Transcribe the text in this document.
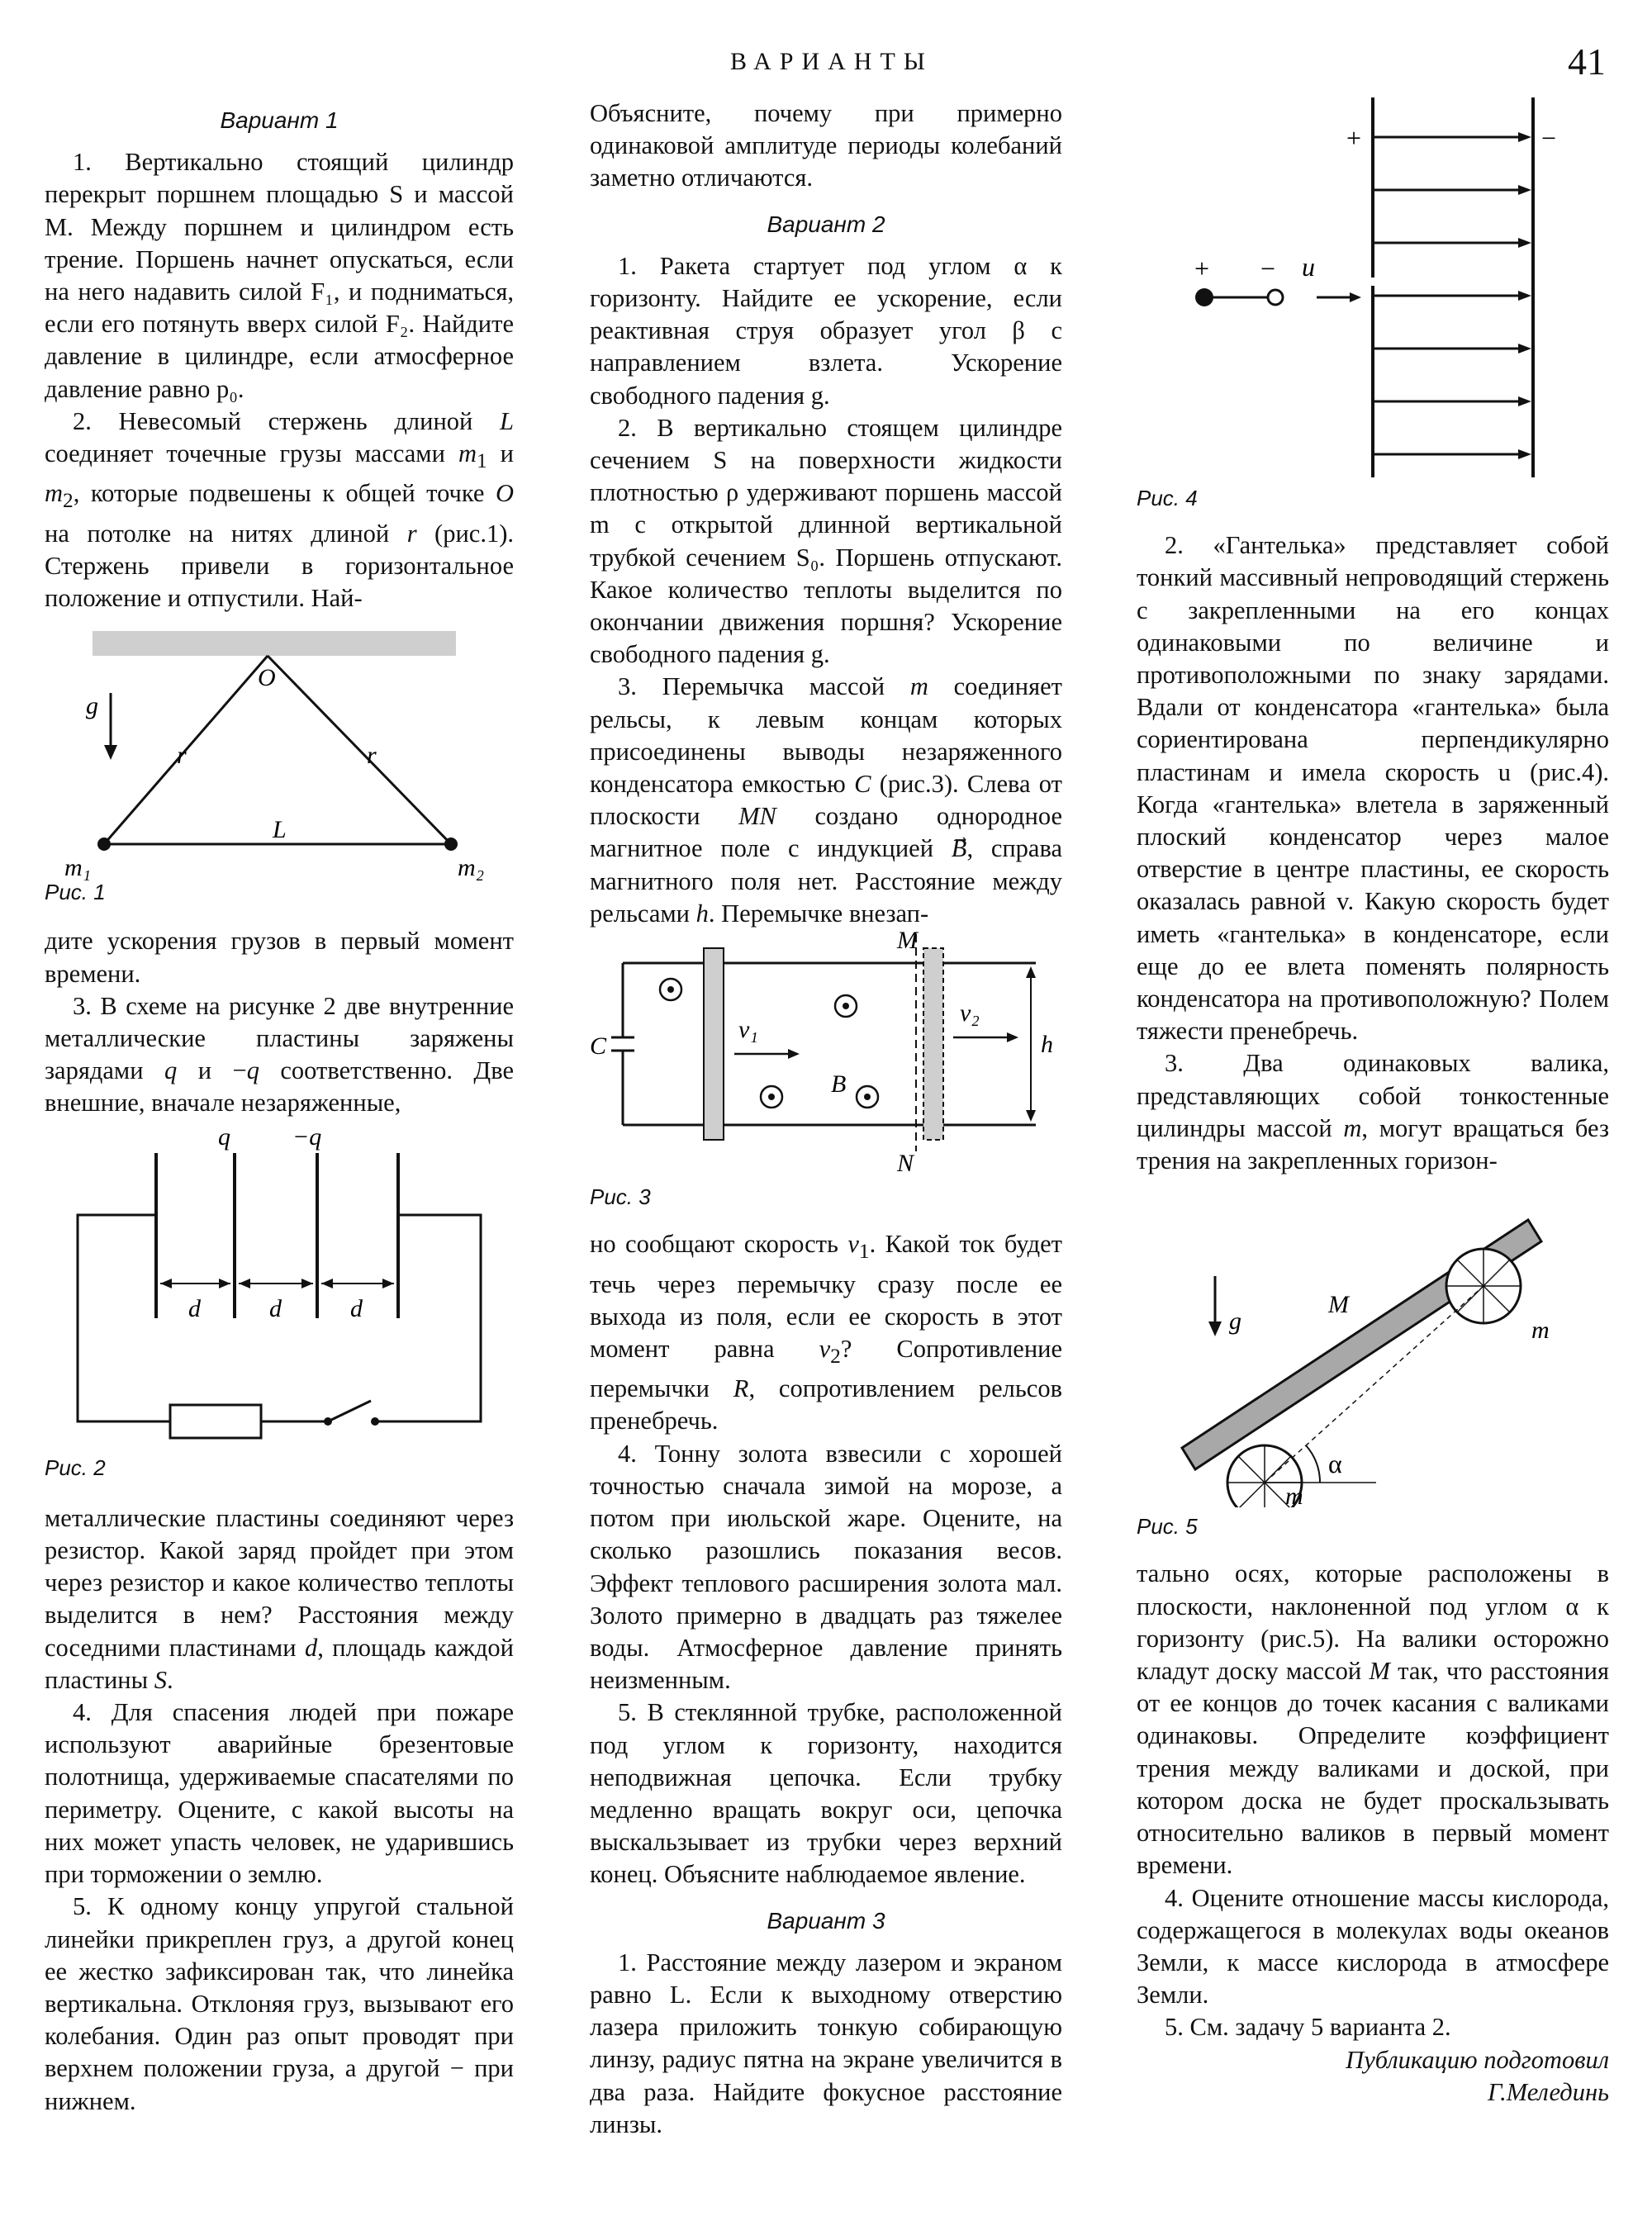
ВАРИАНТЫ	41
Вариант 1

1. Вертикально стоящий цилиндр перекрыт поршнем площадью S и массой M. Между поршнем и цилиндром есть трение. Поршень начнет опускаться, если на него надавить силой F₁, и подниматься, если его потянуть вверх силой F₂. Найдите давление в цилиндре, если атмосферное давление равно p₀.

2. Невесомый стержень длиной L соединяет точечные грузы массами $m_1$ и $m_2$, которые подвешены к общей точке O на потолке на нитях длиной r (рис.1). Стержень привели в горизонтальное положение и отпустили. Най-

g
O
r	r
L
m₁	m₂

Рис. 1

дите ускорения грузов в первый момент времени.

3. В схеме на рисунке 2 две внутренние металлические пластины заряжены зарядами q и −q соответственно. Две внешние, вначале незаряженные,

q	−q
d	d	d

Рис. 2

металлические пластины соединяют через резистор. Какой заряд пройдет при этом через резистор и какое количество теплоты выделится в нем? Расстояния между соседними пластинами d, площадь каждой пластины S.

4. Для спасения людей при пожаре используют аварийные брезентовые полотнища, удерживаемые спасателями по периметру. Оцените, с какой высоты на них может упасть человек, не ударившись при торможении о землю.

5. К одному концу упругой стальной линейки прикреплен груз, а другой конец ее жестко зафиксирован так, что линейка вертикальна. Отклоняя груз, вызывают его колебания. Один раз опыт проводят при верхнем положении груза, а другой − при нижнем.

Объясните, почему при примерно одинаковой амплитуде периоды колебаний заметно отличаются.

Вариант 2

1. Ракета стартует под углом α к горизонту. Найдите ее ускорение, если реактивная струя образует угол β с направлением взлета. Ускорение свободного падения g.

2. В вертикально стоящем цилиндре сечением S на поверхности жидкости плотностью ρ удерживают поршень массой m с открытой длинной вертикальной трубкой сечением S₀. Поршень отпускают. Какое количество теплоты выделится по окончании движения поршня? Ускорение свободного падения g.

3. Перемычка массой m соединяет рельсы, к левым концам которых присоединены выводы незаряженного конденсатора емкостью C (рис.3). Слева от плоскости MN создано однородное магнитное поле с индукцией B⃗, справа магнитного поля нет. Расстояние между рельсами h. Перемычке внезап-

C
M
N
B
v₁
v₂
h

Рис. 3

но сообщают скорость $v_1$. Какой ток будет течь через перемычку сразу после ее выхода из поля, если ее скорость в этот момент равна $v_2$? Сопротивление перемычки R, сопротивлением рельсов пренебречь.

4. Тонну золота взвесили с хорошей точностью сначала зимой на морозе, а потом при июльской жаре. Оцените, на сколько разошлись показания весов. Эффект теплового расширения золота мал. Золото примерно в двадцать раз тяжелее воды. Атмосферное давление принять неизменным.

5. В стеклянной трубке, расположенной под углом к горизонту, находится неподвижная цепочка. Если трубку медленно вращать вокруг оси, цепочка выскальзывает из трубки через верхний конец. Объясните наблюдаемое явление.

Вариант 3

1. Расстояние между лазером и экраном равно L. Если к выходному отверстию лазера приложить тонкую собирающую линзу, радиус пятна на экране увеличится в два раза. Найдите фокусное расстояние линзы.

+	−
+ − u

Рис. 4

2. «Гантелька» представляет собой тонкий массивный непроводящий стержень с закрепленными на его концах одинаковыми по величине и противоположными по знаку зарядами. Вдали от конденсатора «гантелька» была сориентирована перпендикулярно пластинам и имела скорость u (рис.4). Когда «гантелька» влетела в заряженный плоский конденсатор через малое отверстие в центре пластины, ее скорость оказалась равной v. Какую скорость будет иметь «гантелька» в конденсаторе, если еще до ее влета поменять полярность конденсатора на противоположную? Полем тяжести пренебречь.

3. Два одинаковых валика, представляющих собой тонкостенные цилиндры массой m, могут вращаться без трения на закрепленных горизон-

g
M
α
m
m

Рис. 5

тально осях, которые расположены в плоскости, наклоненной под углом α к горизонту (рис.5). На валики осторожно кладут доску массой M так, что расстояния от ее концов до точек касания с валиками одинаковы. Определите коэффициент трения между валиками и доской, при котором доска не будет проскальзывать относительно валиков в первый момент времени.

4. Оцените отношение массы кислорода, содержащегося в молекулах воды океанов Земли, к массе кислорода в атмосфере Земли.

5. См. задачу 5 варианта 2.

Публикацию подготовил

Г.Мелединь
